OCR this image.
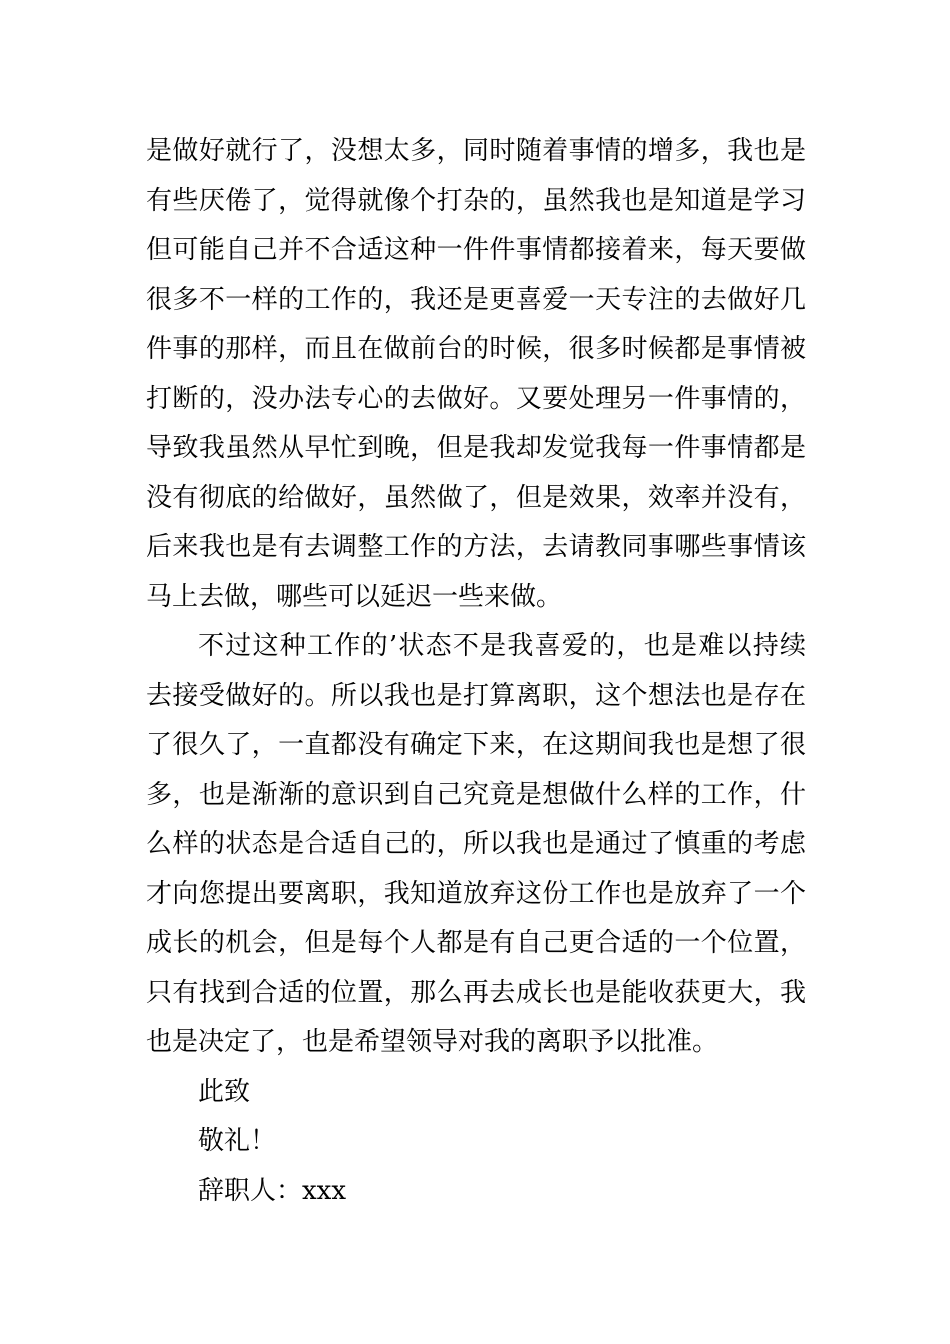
是做好就行了，没想太多，同时随着事情的增多，我也是
有些厌倦了，觉得就像个打杂的，虽然我也是知道是学习
但可能自己并不合适这种一件件事情都接着来，每天要做
很多不一样的工作的，我还是更喜爱一天专注的去做好几
件事的那样，而且在做前台的时候，很多时候都是事情被
打断的，没办法专心的去做好。又要处理另一件事情的，
导致我虽然从早忙到晚，但是我却发觉我每一件事情都是
没有彻底的给做好，虽然做了，但是效果，效率并没有，
后来我也是有去调整工作的方法，去请教同事哪些事情该
马上去做，哪些可以延迟一些来做。
不过这种工作的’状态不是我喜爱的，也是难以持续
去接受做好的。所以我也是打算离职，这个想法也是存在
了很久了，一直都没有确定下来，在这期间我也是想了很
多，也是渐渐的意识到自己究竟是想做什么样的工作，什
么样的状态是合适自己的，所以我也是通过了慎重的考虑
才向您提出要离职，我知道放弃这份工作也是放弃了一个
成长的机会，但是每个人都是有自己更合适的一个位置，
只有找到合适的位置，那么再去成长也是能收获更大，我
也是决定了，也是希望领导对我的离职予以批准。
此致
敬礼！
辞职人：xxx
